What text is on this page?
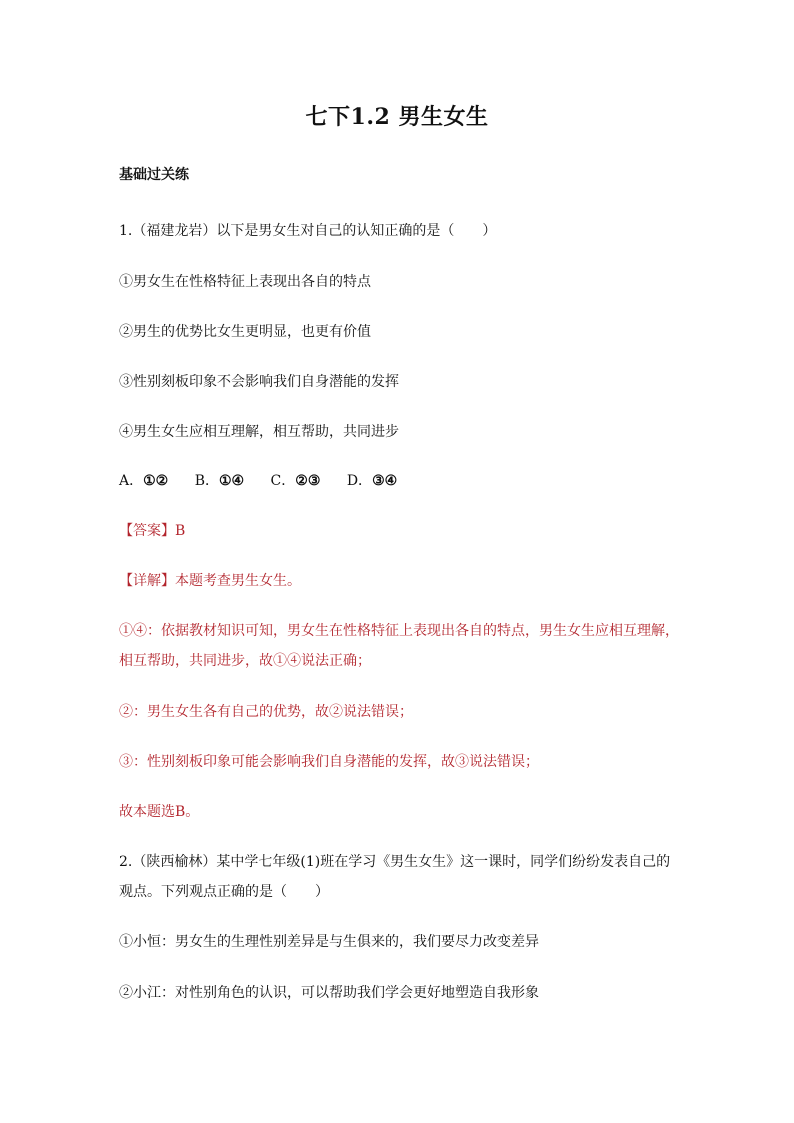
七下1.2 男生女生
基础过关练
1.（福建龙岩）以下是男女生对自己的认知正确的是（　　）
①男女生在性格特征上表现出各自的特点
②男生的优势比女生更明显，也更有价值
③性别刻板印象不会影响我们自身潜能的发挥
④男生女生应相互理解，相互帮助，共同进步
A．①② B．①④ C．②③ D．③④
【答案】B
【详解】本题考查男生女生。
①④：依据教材知识可知，男女生在性格特征上表现出各自的特点，男生女生应相互理解，
相互帮助，共同进步，故①④说法正确；
②：男生女生各有自己的优势，故②说法错误；
③：性别刻板印象可能会影响我们自身潜能的发挥，故③说法错误；
故本题选B。
2.（陕西榆林）某中学七年级(1)班在学习《男生女生》这一课时，同学们纷纷发表自己的
观点。下列观点正确的是（　　）
①小恒：男女生的生理性别差异是与生俱来的，我们要尽力改变差异
②小江：对性别角色的认识，可以帮助我们学会更好地塑造自我形象
